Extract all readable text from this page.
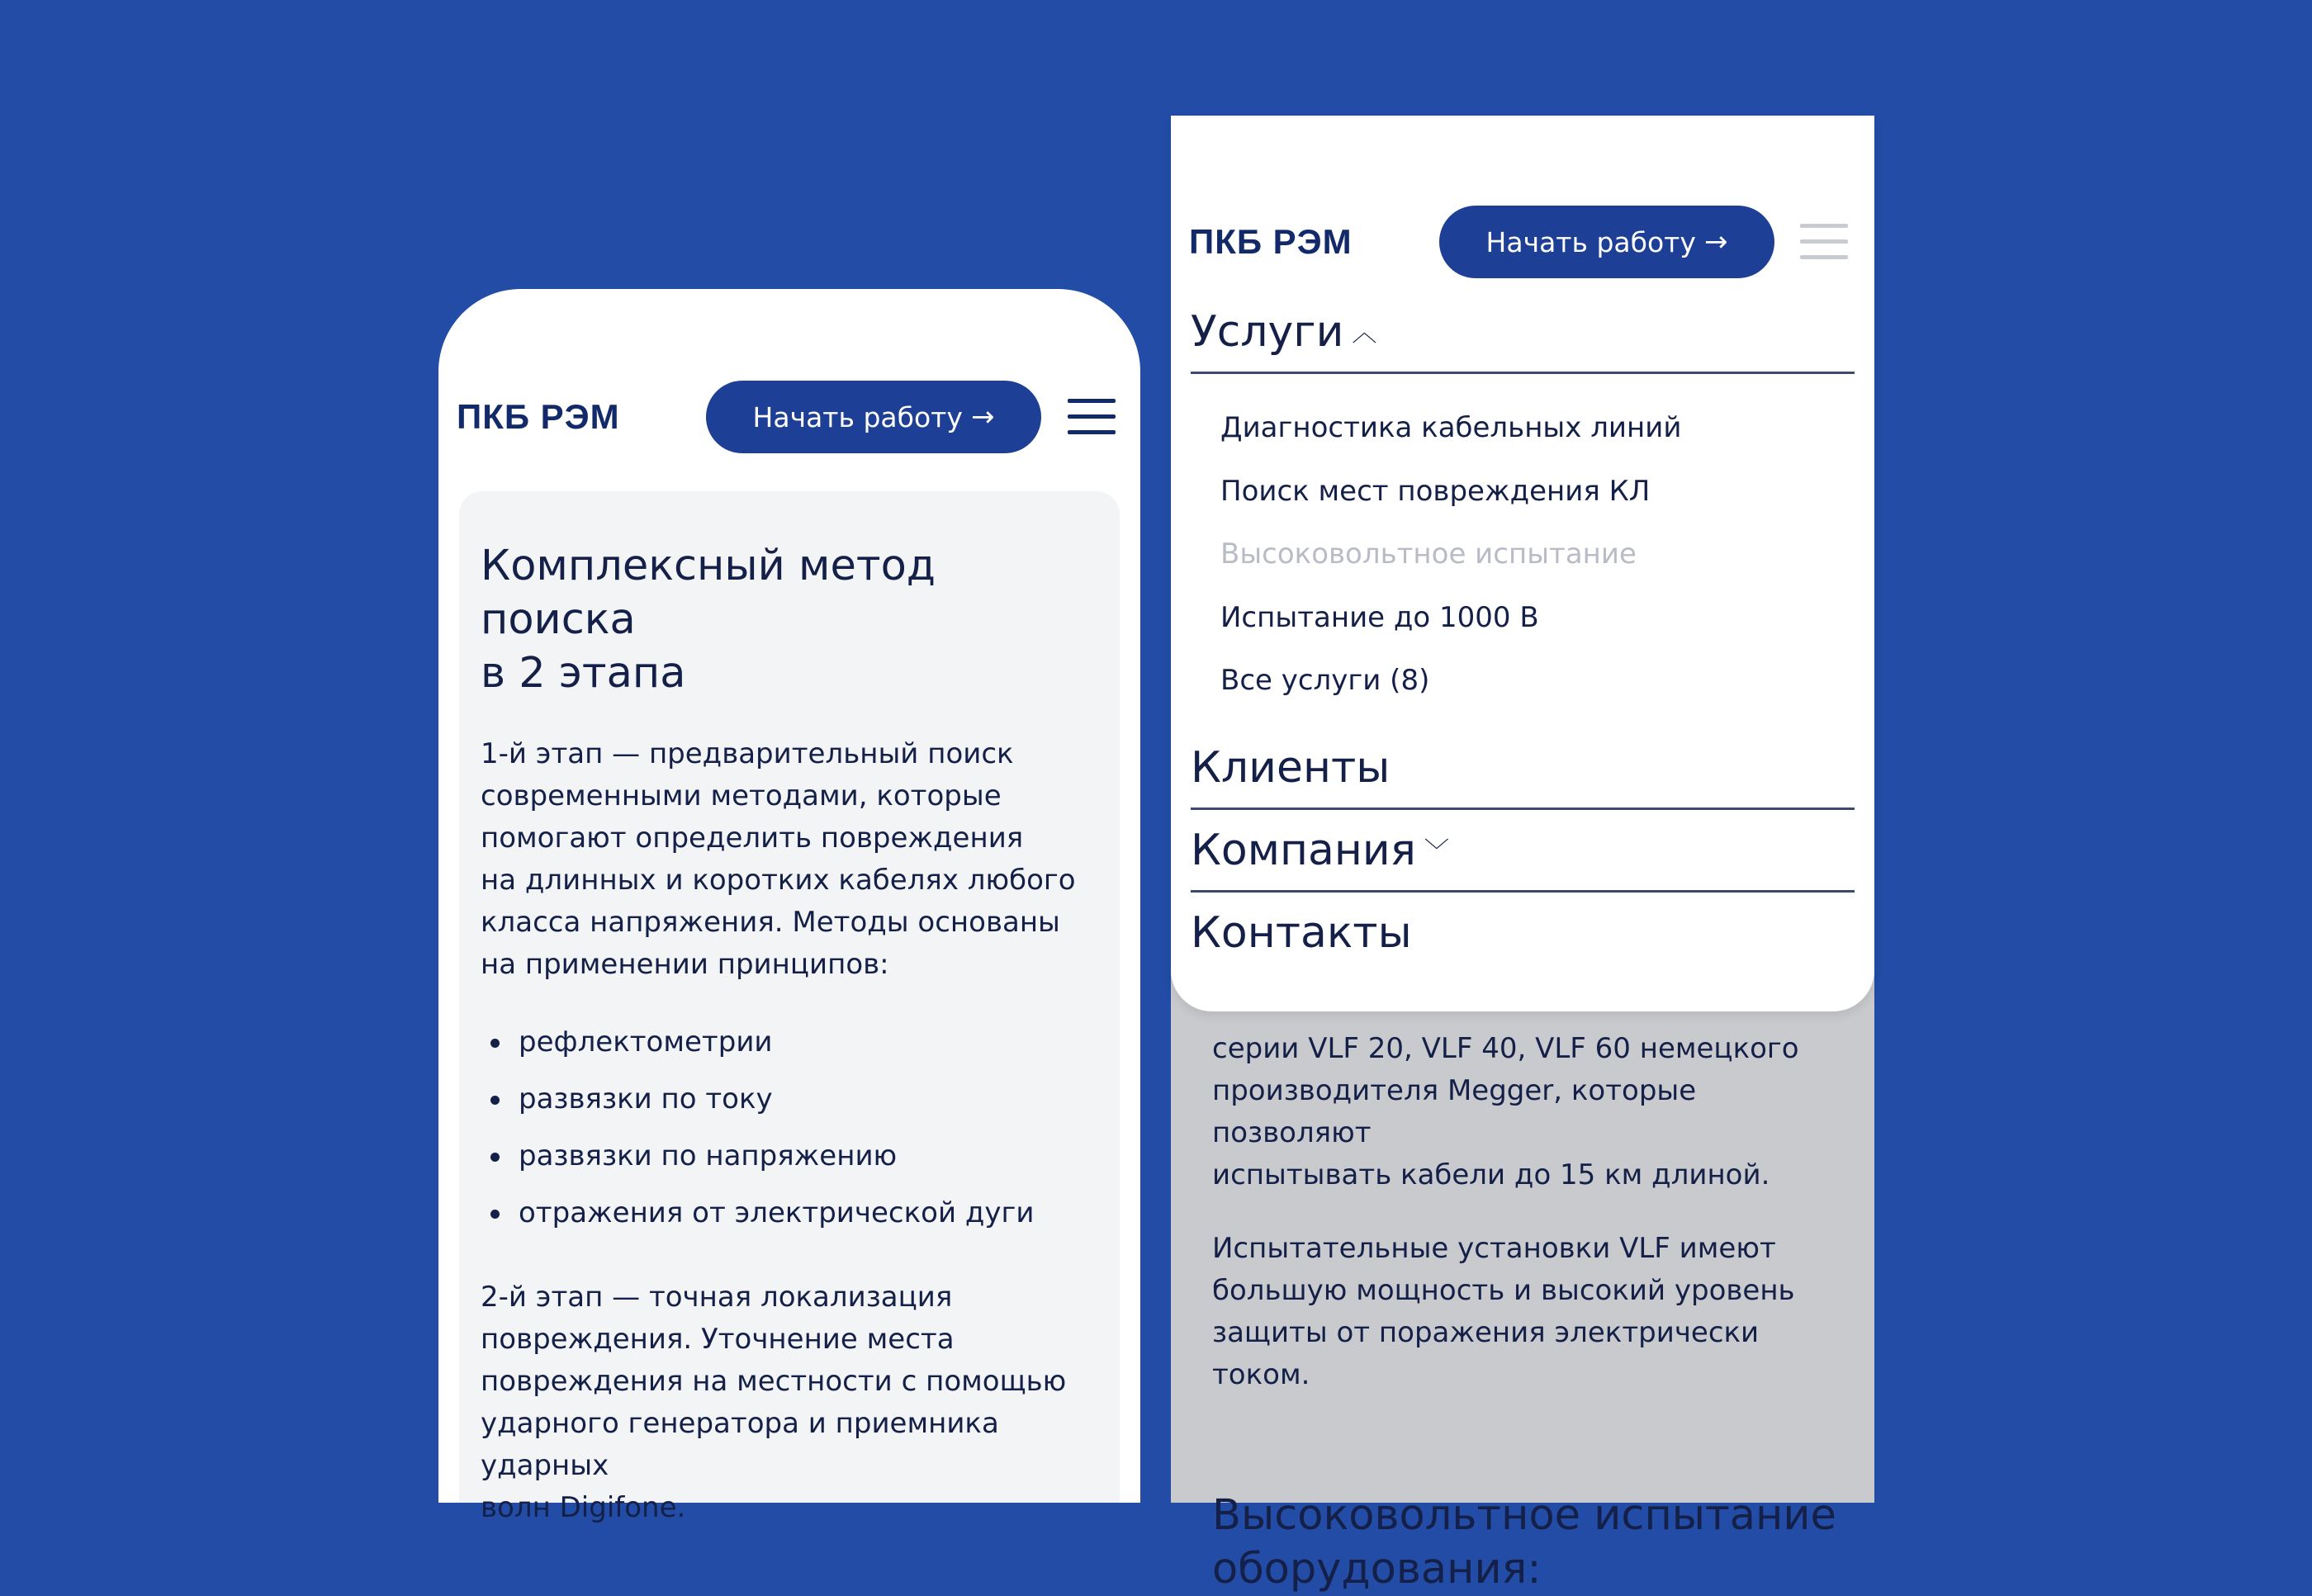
ПКБ РЭМ	Начать работу →
Комплексный метод поиска
в 2 этапа

1-й этап — предварительный поиск
современными методами, которые
помогают определить повреждения
на длинных и коротких кабелях любого
класса напряжения. Методы основаны
на применении принципов:

рефлектометрии
развязки по току
развязки по напряжению
отражения от электрической дуги

2-й этап — точная локализация
повреждения. Уточнение места
повреждения на местности с помощью
ударного генератора и приемника ударных
волн Digifone.

серии VLF 20, VLF 40, VLF 60 немецкого
производителя Megger, которые позволяют
испытывать кабели до 15 км длиной.

Испытательные установки VLF имеют
большую мощность и высокий уровень
защиты от поражения электрически током.

Высоковольтное испытание
оборудования:
ПКБ РЭМ	Начать работу →
Услуги ︿
Диагностика кабельных линий
Поиск мест повреждения КЛ
Высоковольтное испытание
Испытание до 1000 В
Все услуги (8)
Клиенты
Компания ﹀
Контакты
